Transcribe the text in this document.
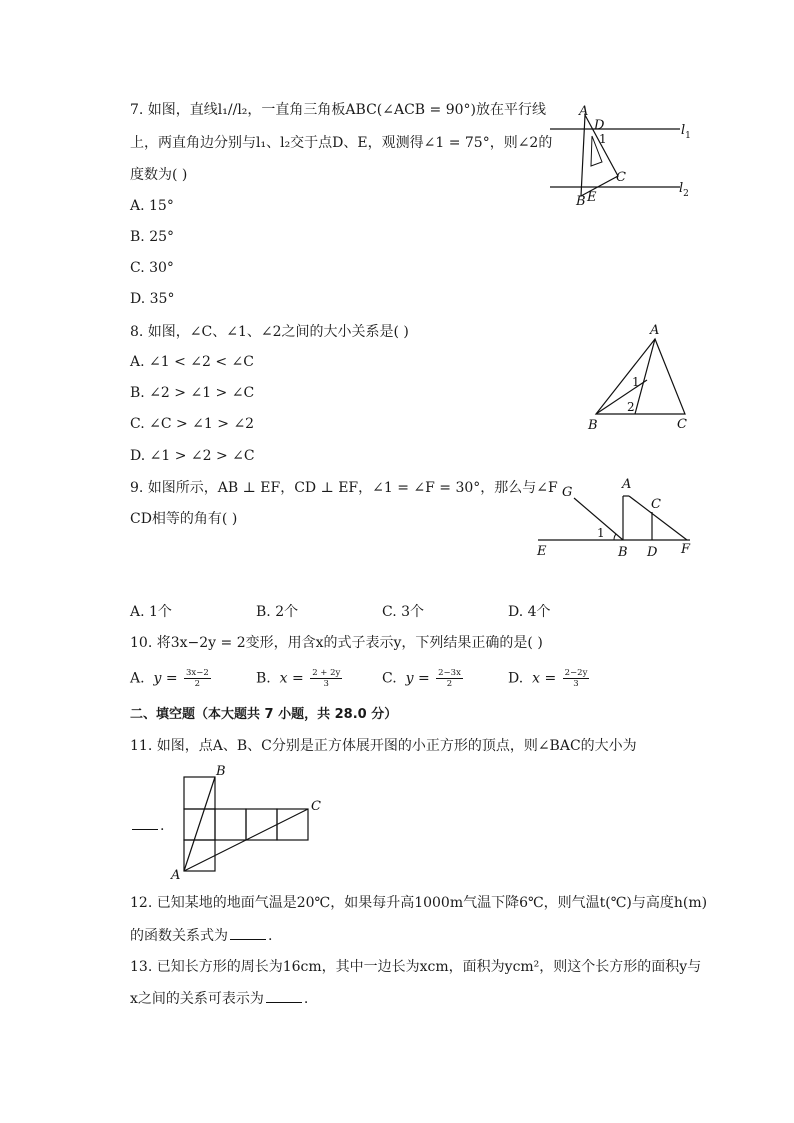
7. 如图，直线l₁//l₂，一直角三角板ABC(∠ACB = 90°)放在平行线
上，两直角边分别与l₁、l₂交于点D、E，观测得∠1 = 75°，则∠2的
度数为( )
A. 15°
B. 25°
C. 30°
D. 35°
A
D
1
C
B E
$l_1$
$l_2$
8. 如图，∠C、∠1、∠2之间的大小关系是( )
A. ∠1 < ∠2 < ∠C
B. ∠2 > ∠1 > ∠C
C. ∠C > ∠1 > ∠2
D. ∠1 > ∠2 > ∠C
A
1
2
B	C
9. 如图所示，AB ⊥ EF，CD ⊥ EF，∠1 = ∠F = 30°，那么与∠F
CD相等的角有( )
G
A
C
1
E	B D F
A. 1个	B. 2个	C. 3个	D. 4个
10. 将3x−2y = 2变形，用含x的式子表示y，下列结果正确的是( )
A. $y = \frac{3x-2}{2}$	B. $x = \frac{2 + 2y}{3}$	C. $y = \frac{2-3x}{2}$	D. $x = \frac{2-2y}{3}$
二、填空题（本大题共 7 小题，共 28.0 分）
11. 如图，点A、B、C分别是正方体展开图的小正方形的顶点，则∠BAC的大小为
.
B
C
A
12. 已知某地的地面气温是20℃，如果每升高1000m气温下降6℃，则气温t(℃)与高度h(m)
的函数关系式为	.
13. 已知长方形的周长为16cm，其中一边长为xcm，面积为ycm²，则这个长方形的面积y与
x之间的关系可表示为	.
